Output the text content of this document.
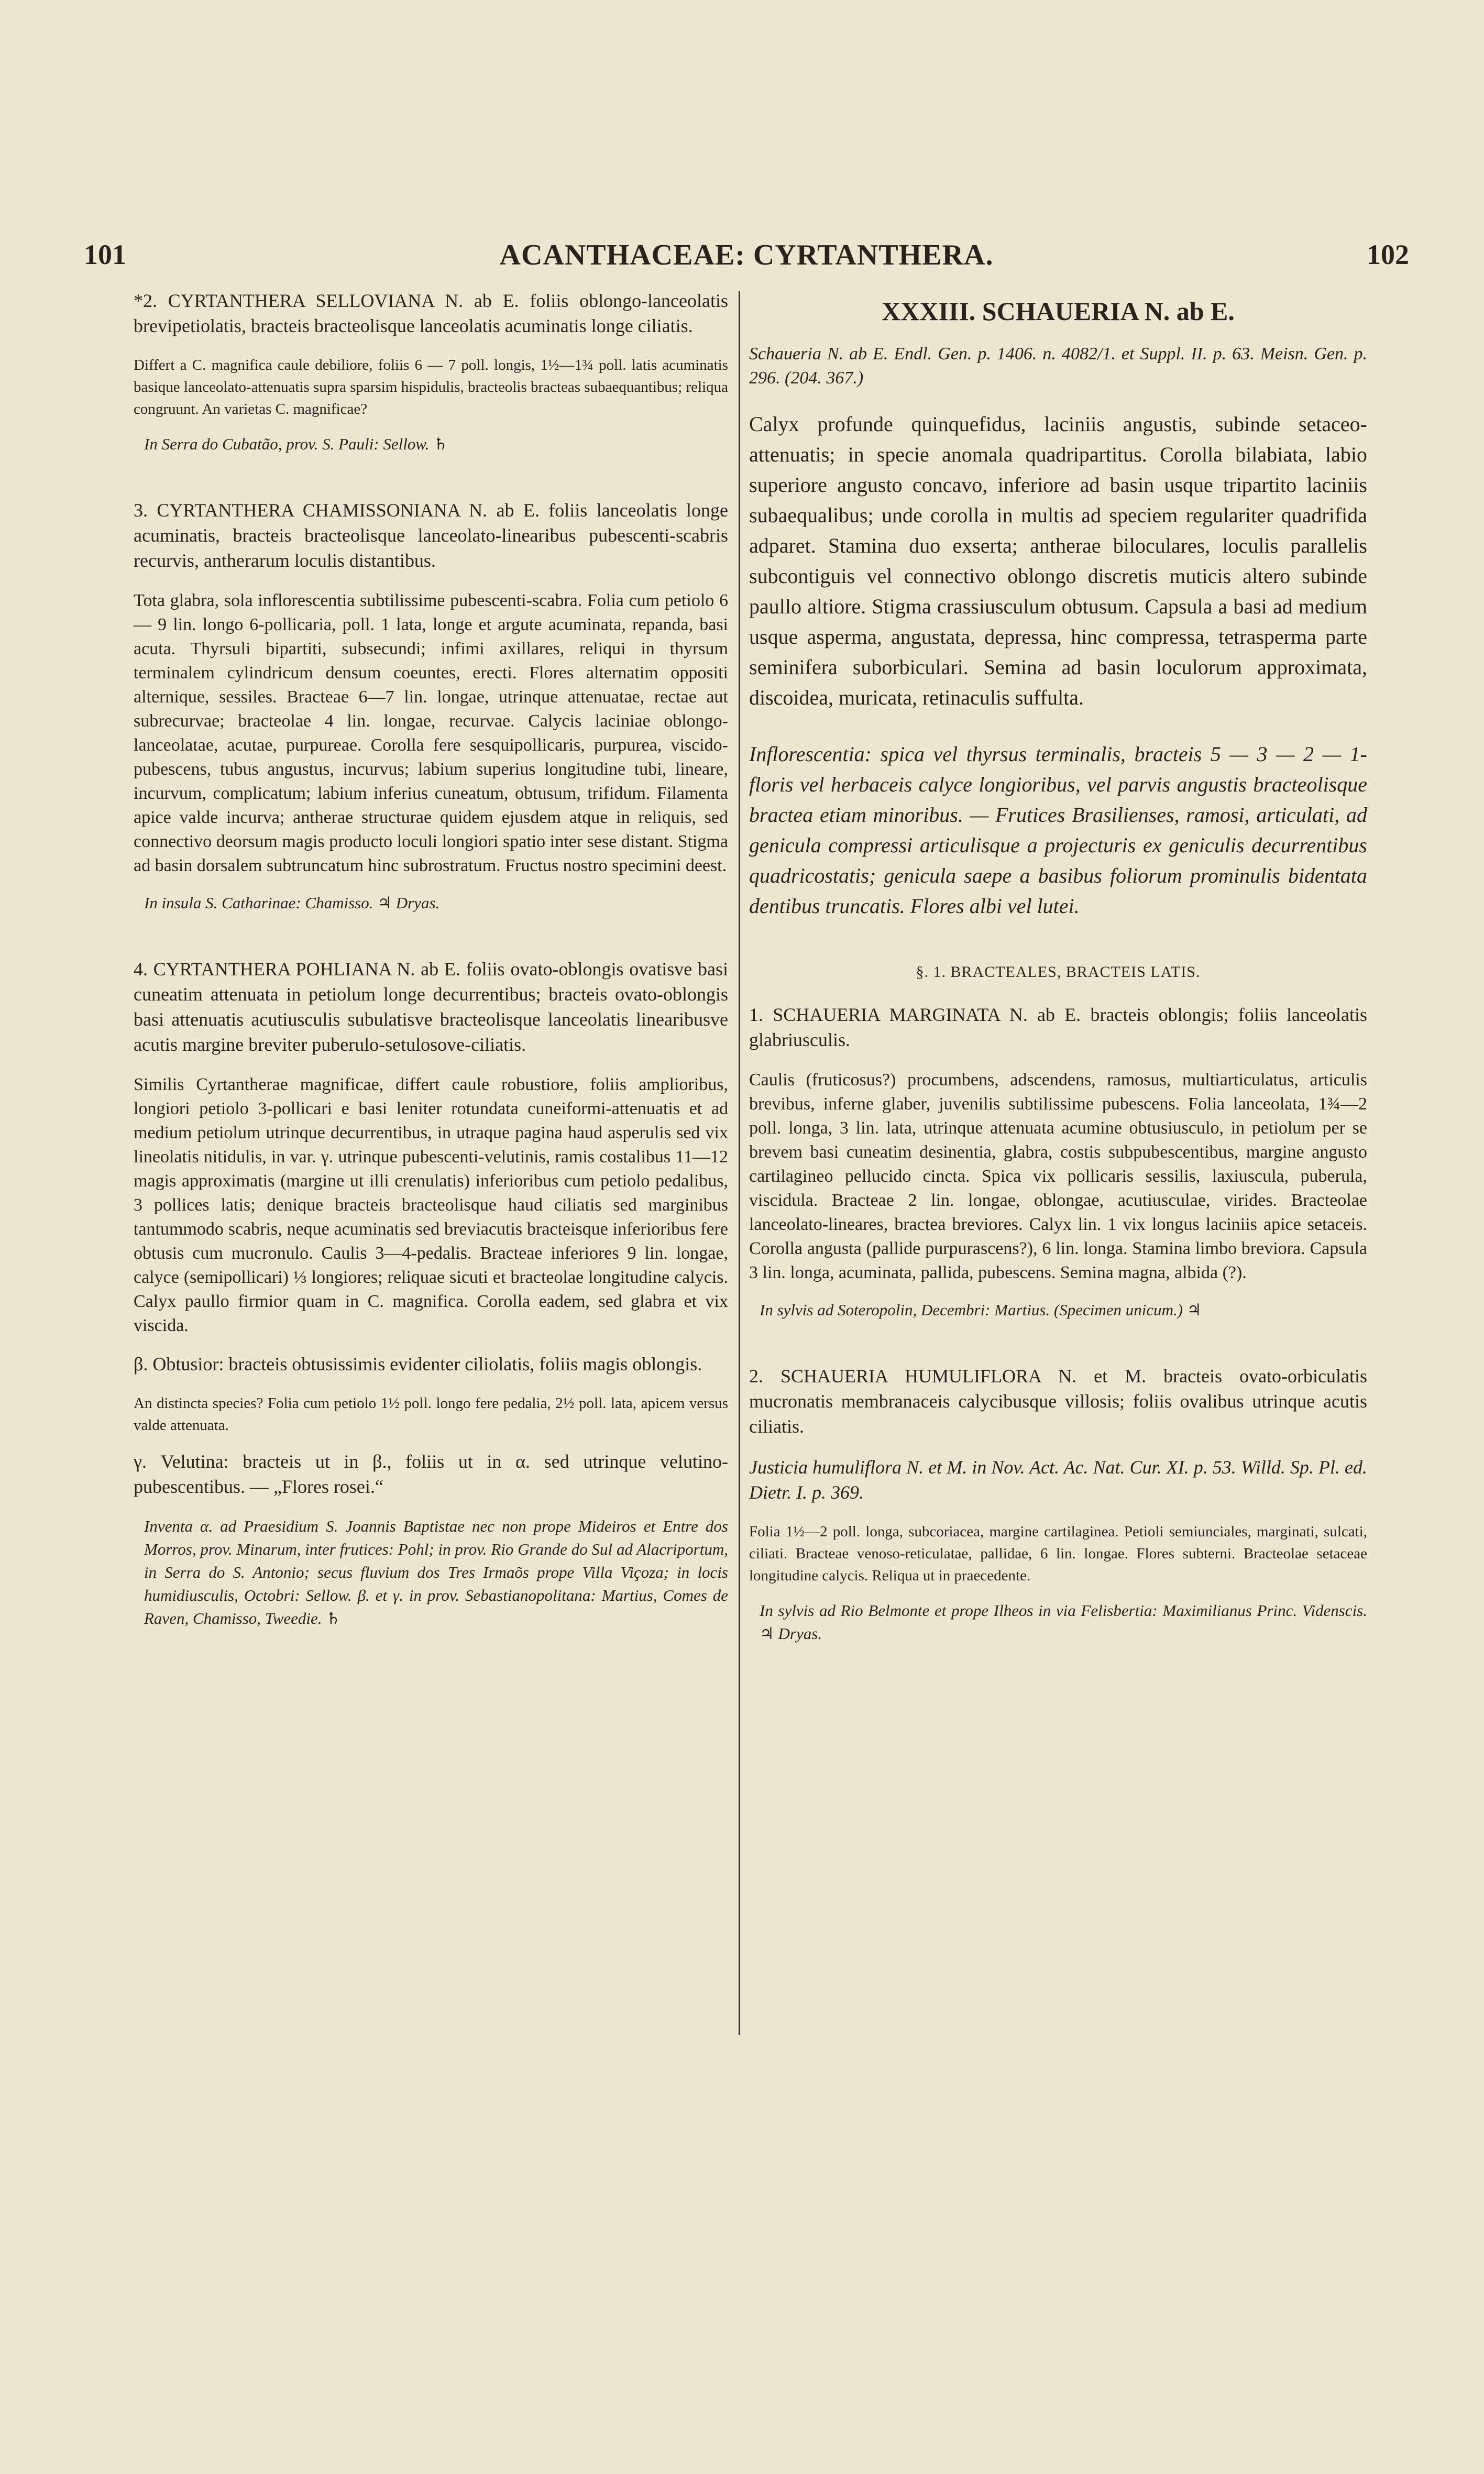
101	ACANTHACEAE: CYRTANTHERA.	102

*2. CYRTANTHERA SELLOVIANA N. ab E. foliis oblongo-lanceolatis brevipetiolatis, bracteis bracteolisque lanceolatis acuminatis longe ciliatis.

Differt a C. magnifica caule debiliore, foliis 6 — 7 poll. longis, 1½—1¾ poll. latis acuminatis basique lanceolato-attenuatis supra sparsim hispidulis, bracteolis bracteas subaequantibus; reliqua congruunt. An varietas C. magnificae?

In Serra do Cubatão, prov. S. Pauli: Sellow. ♄

3. CYRTANTHERA CHAMISSONIANA N. ab E. foliis lanceolatis longe acuminatis, bracteis bracteolisque lanceolato-linearibus pubescenti-scabris recurvis, antherarum loculis distantibus.

Tota glabra, sola inflorescentia subtilissime pubescenti-scabra. Folia cum petiolo 6 — 9 lin. longo 6-pollicaria, poll. 1 lata, longe et argute acuminata, repanda, basi acuta. Thyrsuli bipartiti, subsecundi; infimi axillares, reliqui in thyrsum terminalem cylindricum densum coeuntes, erecti. Flores alternatim oppositi alternique, sessiles. Bracteae 6—7 lin. longae, utrinque attenuatae, rectae aut subrecurvae; bracteolae 4 lin. longae, recurvae. Calycis laciniae oblongo-lanceolatae, acutae, purpureae. Corolla fere sesquipollicaris, purpurea, viscido-pubescens, tubus angustus, incurvus; labium superius longitudine tubi, lineare, incurvum, complicatum; labium inferius cuneatum, obtusum, trifidum. Filamenta apice valde incurva; antherae structurae quidem ejusdem atque in reliquis, sed connectivo deorsum magis producto loculi longiori spatio inter sese distant. Stigma ad basin dorsalem subtruncatum hinc subrostratum. Fructus nostro specimini deest.

In insula S. Catharinae: Chamisso. ♃ Dryas.

4. CYRTANTHERA POHLIANA N. ab E. foliis ovato-oblongis ovatisve basi cuneatim attenuata in petiolum longe decurrentibus; bracteis ovato-oblongis basi attenuatis acutiusculis subulatisve bracteolisque lanceolatis linearibusve acutis margine breviter puberulo-setulosove-ciliatis.

Similis Cyrtantherae magnificae, differt caule robustiore, foliis amplioribus, longiori petiolo 3-pollicari e basi leniter rotundata cuneiformi-attenuatis et ad medium petiolum utrinque decurrentibus, in utraque pagina haud asperulis sed vix lineolatis nitidulis, in var. γ. utrinque pubescenti-velutinis, ramis costalibus 11—12 magis approximatis (margine ut illi crenulatis) inferioribus cum petiolo pedalibus, 3 pollices latis; denique bracteis bracteolisque haud ciliatis sed marginibus tantummodo scabris, neque acuminatis sed breviacutis bracteisque inferioribus fere obtusis cum mucronulo. Caulis 3—4-pedalis. Bracteae inferiores 9 lin. longae, calyce (semipollicari) ⅓ longiores; reliquae sicuti et bracteolae longitudine calycis. Calyx paullo firmior quam in C. magnifica. Corolla eadem, sed glabra et vix viscida.

β. Obtusior: bracteis obtusissimis evidenter ciliolatis, foliis magis oblongis.

An distincta species? Folia cum petiolo 1½ poll. longo fere pedalia, 2½ poll. lata, apicem versus valde attenuata.

γ. Velutina: bracteis ut in β., foliis ut in α. sed utrinque velutino-pubescentibus. — „Flores rosei.“

Inventa α. ad Praesidium S. Joannis Baptistae nec non prope Mideiros et Entre dos Morros, prov. Minarum, inter frutices: Pohl; in prov. Rio Grande do Sul ad Alacriportum, in Serra do S. Antonio; secus fluvium dos Tres Irmaõs prope Villa Viçoza; in locis humidiusculis, Octobri: Sellow. β. et γ. in prov. Sebastianopolitana: Martius, Comes de Raven, Chamisso, Tweedie. ♄

XXXIII. SCHAUERIA N. ab E.

Schaueria N. ab E. Endl. Gen. p. 1406. n. 4082/1. et Suppl. II. p. 63. Meisn. Gen. p. 296. (204. 367.)

Calyx profunde quinquefidus, laciniis angustis, subinde setaceo-attenuatis; in specie anomala quadripartitus. Corolla bilabiata, labio superiore angusto concavo, inferiore ad basin usque tripartito laciniis subaequalibus; unde corolla in multis ad speciem regulariter quadrifida adparet. Stamina duo exserta; antherae biloculares, loculis parallelis subcontiguis vel connectivo oblongo discretis muticis altero subinde paullo altiore. Stigma crassiusculum obtusum. Capsula a basi ad medium usque asperma, angustata, depressa, hinc compressa, tetrasperma parte seminifera suborbiculari. Semina ad basin loculorum approximata, discoidea, muricata, retinaculis suffulta.

Inflorescentia: spica vel thyrsus terminalis, bracteis 5 — 3 — 2 — 1-floris vel herbaceis calyce longioribus, vel parvis angustis bracteolisque bractea etiam minoribus. — Frutices Brasilienses, ramosi, articulati, ad genicula compressi articulisque a projecturis ex geniculis decurrentibus quadricostatis; genicula saepe a basibus foliorum prominulis bidentata dentibus truncatis. Flores albi vel lutei.

§. 1. BRACTEALES, BRACTEIS LATIS.

1. SCHAUERIA MARGINATA N. ab E. bracteis oblongis; foliis lanceolatis glabriusculis.

Caulis (fruticosus?) procumbens, adscendens, ramosus, multiarticulatus, articulis brevibus, inferne glaber, juvenilis subtilissime pubescens. Folia lanceolata, 1¾—2 poll. longa, 3 lin. lata, utrinque attenuata acumine obtusiusculo, in petiolum per se brevem basi cuneatim desinentia, glabra, costis subpubescentibus, margine angusto cartilagineo pellucido cincta. Spica vix pollicaris sessilis, laxiuscula, puberula, viscidula. Bracteae 2 lin. longae, oblongae, acutiusculae, virides. Bracteolae lanceolato-lineares, bractea breviores. Calyx lin. 1 vix longus laciniis apice setaceis. Corolla angusta (pallide purpurascens?), 6 lin. longa. Stamina limbo breviora. Capsula 3 lin. longa, acuminata, pallida, pubescens. Semina magna, albida (?).

In sylvis ad Soteropolin, Decembri: Martius. (Specimen unicum.) ♃

2. SCHAUERIA HUMULIFLORA N. et M. bracteis ovato-orbiculatis mucronatis membranaceis calycibusque villosis; foliis ovalibus utrinque acutis ciliatis.

Justicia humuliflora N. et M. in Nov. Act. Ac. Nat. Cur. XI. p. 53. Willd. Sp. Pl. ed. Dietr. I. p. 369.

Folia 1½—2 poll. longa, subcoriacea, margine cartilaginea. Petioli semiunciales, marginati, sulcati, ciliati. Bracteae venoso-reticulatae, pallidae, 6 lin. longae. Flores subterni. Bracteolae setaceae longitudine calycis. Reliqua ut in praecedente.

In sylvis ad Rio Belmonte et prope Ilheos in via Felisbertia: Maximilianus Princ. Videnscis. ♃ Dryas.
